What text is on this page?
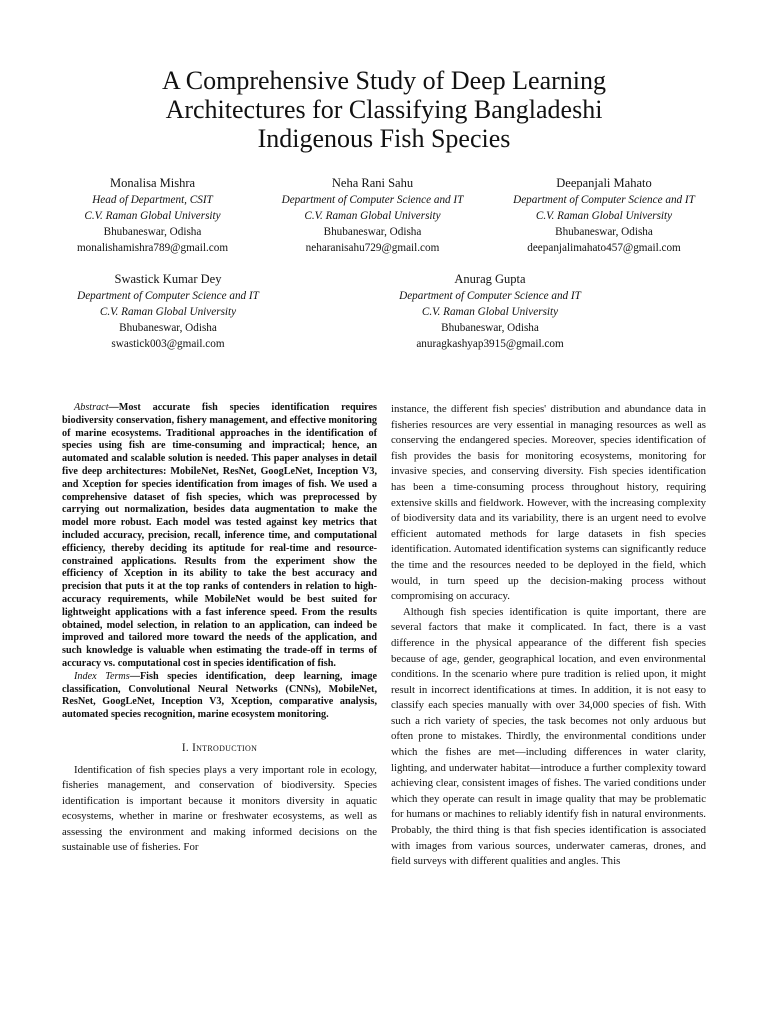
A Comprehensive Study of Deep Learning
Architectures for Classifying Bangladeshi
Indigenous Fish Species
Monalisa Mishra
Head of Department, CSIT
C.V. Raman Global University
Bhubaneswar, Odisha
monalishamishra789@gmail.com
Neha Rani Sahu
Department of Computer Science and IT
C.V. Raman Global University
Bhubaneswar, Odisha
neharanisahu729@gmail.com
Deepanjali Mahato
Department of Computer Science and IT
C.V. Raman Global University
Bhubaneswar, Odisha
deepanjalimahato457@gmail.com
Swastick Kumar Dey
Department of Computer Science and IT
C.V. Raman Global University
Bhubaneswar, Odisha
swastick003@gmail.com
Anurag Gupta
Department of Computer Science and IT
C.V. Raman Global University
Bhubaneswar, Odisha
anuragkashyap3915@gmail.com

Abstract—Most accurate fish species identification requires biodiversity conservation, fishery management, and effective monitoring of marine ecosystems. Traditional approaches in the identification of species using fish are time-consuming and impractical; hence, an automated and scalable solution is needed. This paper analyses in detail five deep architectures: MobileNet, ResNet, GoogLeNet, Inception V3, and Xception for species identification from images of fish. We used a comprehensive dataset of fish species, which was preprocessed by carrying out normalization, besides data augmentation to make the model more robust. Each model was tested against key metrics that included accuracy, precision, recall, inference time, and computational efficiency, thereby deciding its aptitude for real-time and resource-constrained applications. Results from the experiment show the efficiency of Xception in its ability to take the best accuracy and precision that puts it at the top ranks of contenders in relation to high-accuracy requirements, while MobileNet would be best suited for lightweight applications with a fast inference speed. From the results obtained, model selection, in relation to an application, can indeed be improved and tailored more toward the needs of the application, and such knowledge is valuable when estimating the trade-off in terms of accuracy vs. computational cost in species identification of fish.

Index Terms—Fish species identification, deep learning, image classification, Convolutional Neural Networks (CNNs), MobileNet, ResNet, GoogLeNet, Inception V3, Xception, comparative analysis, automated species recognition, marine ecosystem monitoring.

I. Introduction

Identification of fish species plays a very important role in ecology, fisheries management, and conservation of biodiversity. Species identification is important because it monitors diversity in aquatic ecosystems, whether in marine or freshwater ecosystems, as well as assessing the environment and making informed decisions on the sustainable use of fisheries. For

instance, the different fish species' distribution and abundance data in fisheries resources are very essential in managing resources as well as conserving the endangered species. Moreover, species identification of fish provides the basis for monitoring ecosystems, monitoring for invasive species, and conserving diversity. Fish species identification has been a time-consuming process throughout history, requiring extensive skills and fieldwork. However, with the increasing complexity of biodiversity data and its variability, there is an urgent need to evolve efficient automated methods for large datasets in fish species identification. Automated identification systems can significantly reduce the time and the resources needed to be deployed in the field, which would, in turn speed up the decision-making process without compromising on accuracy.

Although fish species identification is quite important, there are several factors that make it complicated. In fact, there is a vast difference in the physical appearance of the different fish species because of age, gender, geographical location, and even environmental conditions. In the scenario where pure tradition is relied upon, it might result in incorrect identifications at times. In addition, it is not easy to classify each species manually with over 34,000 species of fish. With such a rich variety of species, the task becomes not only arduous but often prone to mistakes. Thirdly, the environmental conditions under which the fishes are met—including differences in water clarity, lighting, and underwater habitat—introduce a further complexity toward achieving clear, consistent images of fishes. The varied conditions under which they operate can result in image quality that may be problematic for humans or machines to reliably identify fish in natural environments. Probably, the third thing is that fish species identification is associated with images from various sources, underwater cameras, drones, and field surveys with different qualities and angles. This
